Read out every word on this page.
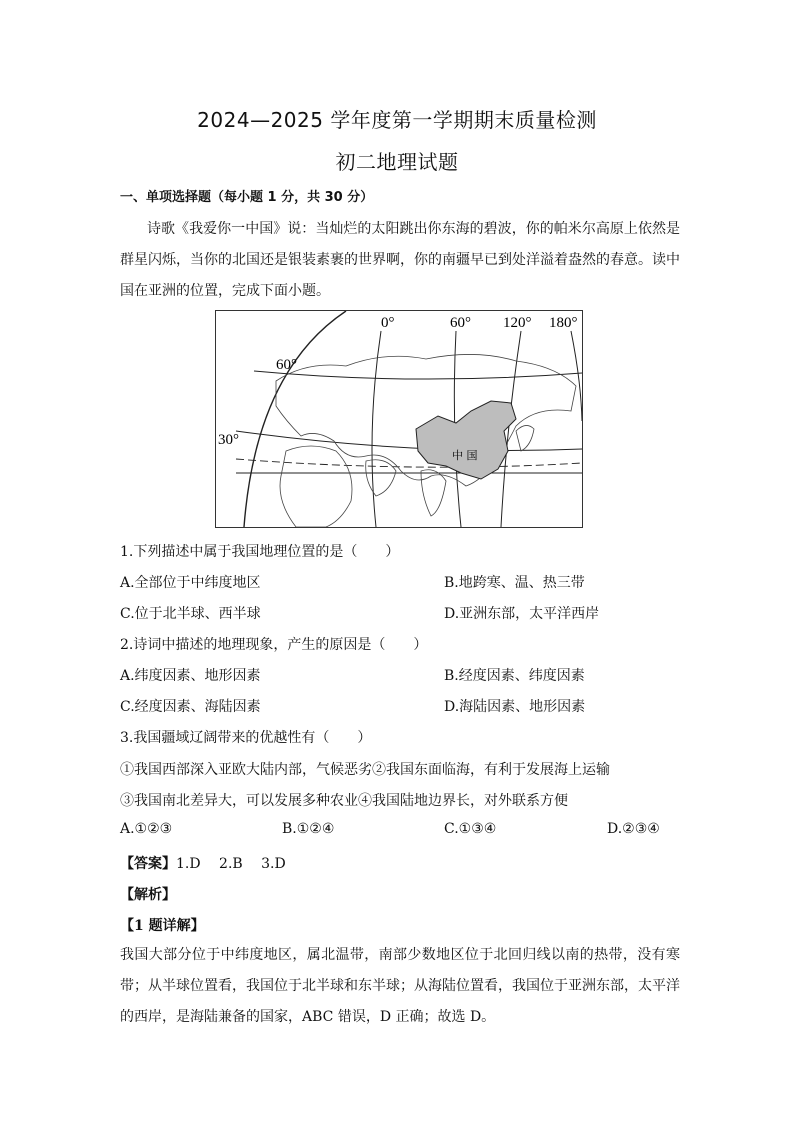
2024—2025 学年度第一学期期末质量检测
初二地理试题
一、单项选择题（每小题 1 分，共 30 分）
诗歌《我爱你一中国》说：当灿烂的太阳跳出你东海的碧波，你的帕米尔高原上依然是群星闪烁，当你的北国还是银装素裹的世界啊，你的南疆早已到处洋溢着盎然的春意。读中国在亚洲的位置，完成下面小题。
0°	60° 120° 180°
60°
30°
中 国
1.下列描述中属于我国地理位置的是（　　）
A.全部位于中纬度地区	B.地跨寒、温、热三带
C.位于北半球、西半球	D.亚洲东部，太平洋西岸
2.诗词中描述的地理现象，产生的原因是（　　）
A.纬度因素、地形因素	B.经度因素、纬度因素
C.经度因素、海陆因素	D.海陆因素、地形因素
3.我国疆域辽阔带来的优越性有（　　）
①我国西部深入亚欧大陆内部，气候恶劣②我国东面临海，有利于发展海上运输
③我国南北差异大，可以发展多种农业④我国陆地边界长，对外联系方便
A.①②③	B.①②④	C.①③④	D.②③④
【答案】1.D　 2.B　 3.D
【解析】
【1 题详解】
我国大部分位于中纬度地区，属北温带，南部少数地区位于北回归线以南的热带，没有寒带；从半球位置看，我国位于北半球和东半球；从海陆位置看，我国位于亚洲东部，太平洋的西岸，是海陆兼备的国家，ABC 错误，D 正确；故选 D。
